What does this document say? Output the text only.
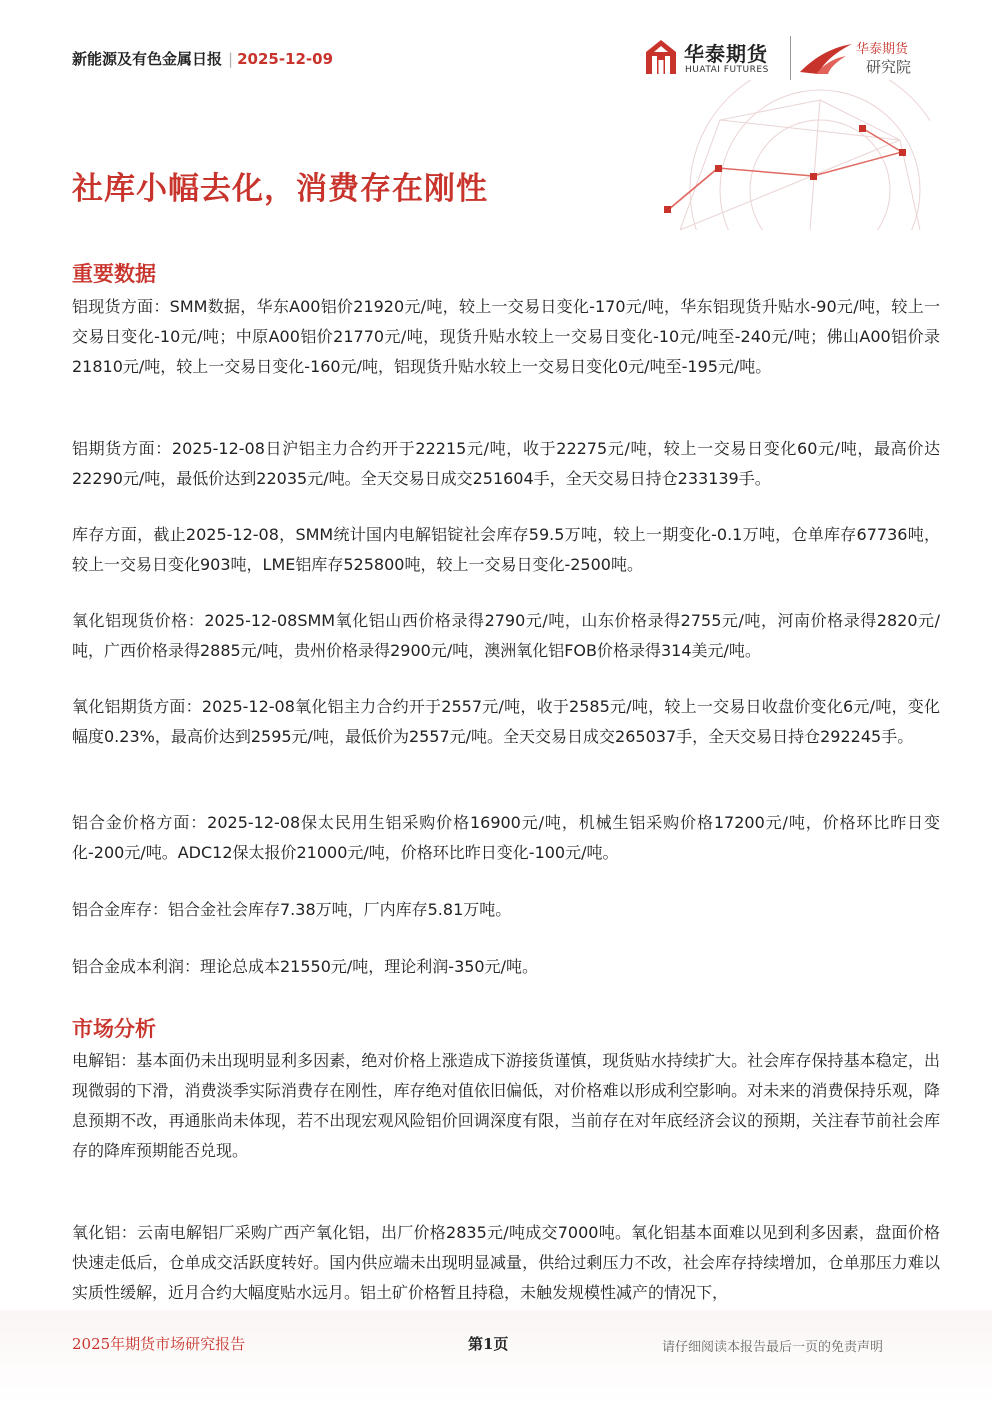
新能源及有色金属日报 | 2025-12-09	华泰期货
HUATAI FUTURES
华泰期货
研究院
社库小幅去化，消费存在刚性
重要数据

铝现货方面：SMM数据，华东A00铝价21920元/吨，较上一交易日变化-170元/吨，华东铝现货升贴水-90元/吨，较上一交易日变化-10元/吨；中原A00铝价21770元/吨，现货升贴水较上一交易日变化-10元/吨至-240元/吨；佛山A00铝价录21810元/吨，较上一交易日变化-160元/吨，铝现货升贴水较上一交易日变化0元/吨至-195元/吨。

铝期货方面：2025-12-08日沪铝主力合约开于22215元/吨，收于22275元/吨，较上一交易日变化60元/吨，最高价达22290元/吨，最低价达到22035元/吨。全天交易日成交251604手，全天交易日持仓233139手。

库存方面，截止2025-12-08，SMM统计国内电解铝锭社会库存59.5万吨，较上一期变化-0.1万吨，仓单库存67736吨，较上一交易日变化903吨，LME铝库存525800吨，较上一交易日变化-2500吨。

氧化铝现货价格：2025-12-08SMM氧化铝山西价格录得2790元/吨，山东价格录得2755元/吨，河南价格录得2820元/吨，广西价格录得2885元/吨，贵州价格录得2900元/吨，澳洲氧化铝FOB价格录得314美元/吨。

氧化铝期货方面：2025-12-08氧化铝主力合约开于2557元/吨，收于2585元/吨，较上一交易日收盘价变化6元/吨，变化幅度0.23%，最高价达到2595元/吨，最低价为2557元/吨。全天交易日成交265037手，全天交易日持仓292245手。

铝合金价格方面：2025-12-08保太民用生铝采购价格16900元/吨，机械生铝采购价格17200元/吨，价格环比昨日变化-200元/吨。ADC12保太报价21000元/吨，价格环比昨日变化-100元/吨。

铝合金库存：铝合金社会库存7.38万吨，厂内库存5.81万吨。

铝合金成本利润：理论总成本21550元/吨，理论利润-350元/吨。

市场分析

电解铝：基本面仍未出现明显利多因素，绝对价格上涨造成下游接货谨慎，现货贴水持续扩大。社会库存保持基本稳定，出现微弱的下滑，消费淡季实际消费存在刚性，库存绝对值依旧偏低，对价格难以形成利空影响。对未来的消费保持乐观，降息预期不改，再通胀尚未体现，若不出现宏观风险铝价回调深度有限，当前存在对年底经济会议的预期，关注春节前社会库存的降库预期能否兑现。

氧化铝：云南电解铝厂采购广西产氧化铝，出厂价格2835元/吨成交7000吨。氧化铝基本面难以见到利多因素，盘面价格快速走低后，仓单成交活跃度转好。国内供应端未出现明显减量，供给过剩压力不改，社会库存持续增加，仓单那压力难以实质性缓解，近月合约大幅度贴水远月。铝土矿价格暂且持稳，未触发规模性减产的情况下，

2025年期货市场研究报告	第1页	请仔细阅读本报告最后一页的免责声明
